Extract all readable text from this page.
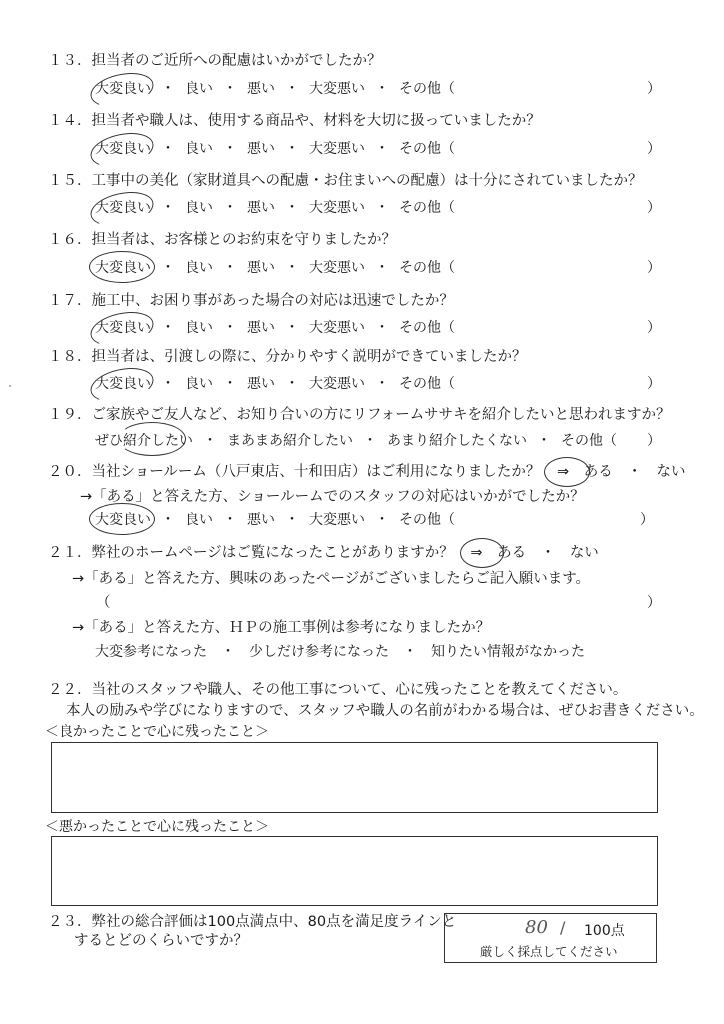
１３．担当者のご近所への配慮はいかがでしたか？
大変良い ・ 良い ・ 悪い ・ 大変悪い ・ その他（	）
１４．担当者や職人は、使用する商品や、材料を大切に扱っていましたか？
大変良い ・ 良い ・ 悪い ・ 大変悪い ・ その他（	）
１５．工事中の美化（家財道具への配慮・お住まいへの配慮）は十分にされていましたか？
大変良い ・ 良い ・ 悪い ・ 大変悪い ・ その他（	）
１６．担当者は、お客様とのお約束を守りましたか？
大変良い ・ 良い ・ 悪い ・ 大変悪い ・ その他（	）
１７．施工中、お困り事があった場合の対応は迅速でしたか？
大変良い ・ 良い ・ 悪い ・ 大変悪い ・ その他（	）
１８．担当者は、引渡しの際に、分かりやすく説明ができていましたか？
大変良い ・ 良い ・ 悪い ・ 大変悪い ・ その他（	）
１９．ご家族やご友人など、お知り合いの方にリフォームササキを紹介したいと思われますか？
ぜひ紹介したい ・ まあまあ紹介したい ・ あまり紹介したくない ・ その他（ ）
２０．当社ショールーム（八戸東店、十和田店）はご利用になりましたか？ ⇒ ある ・ ない
→「ある」と答えた方、ショールームでのスタッフの対応はいかがでしたか？
大変良い ・ 良い ・ 悪い ・ 大変悪い ・ その他（	）
２１．弊社のホームページはご覧になったことがありますか？ ⇒ ある ・ ない
→「ある」と答えた方、興味のあったページがございましたらご記入願います。
（	）
→「ある」と答えた方、ＨＰの施工事例は参考になりましたか？
大変参考になった ・ 少しだけ参考になった ・ 知りたい情報がなかった
２２．当社のスタッフや職人、その他工事について、心に残ったことを教えてください。
本人の励みや学びになりますので、スタッフや職人の名前がわかる場合は、ぜひお書きください。
＜良かったことで心に残ったこと＞
＜悪かったことで心に残ったこと＞
２３．弊社の総合評価は100点満点中、80点を満足度ラインと
するとどのくらいですか？
80 / 100点
厳しく採点してください
